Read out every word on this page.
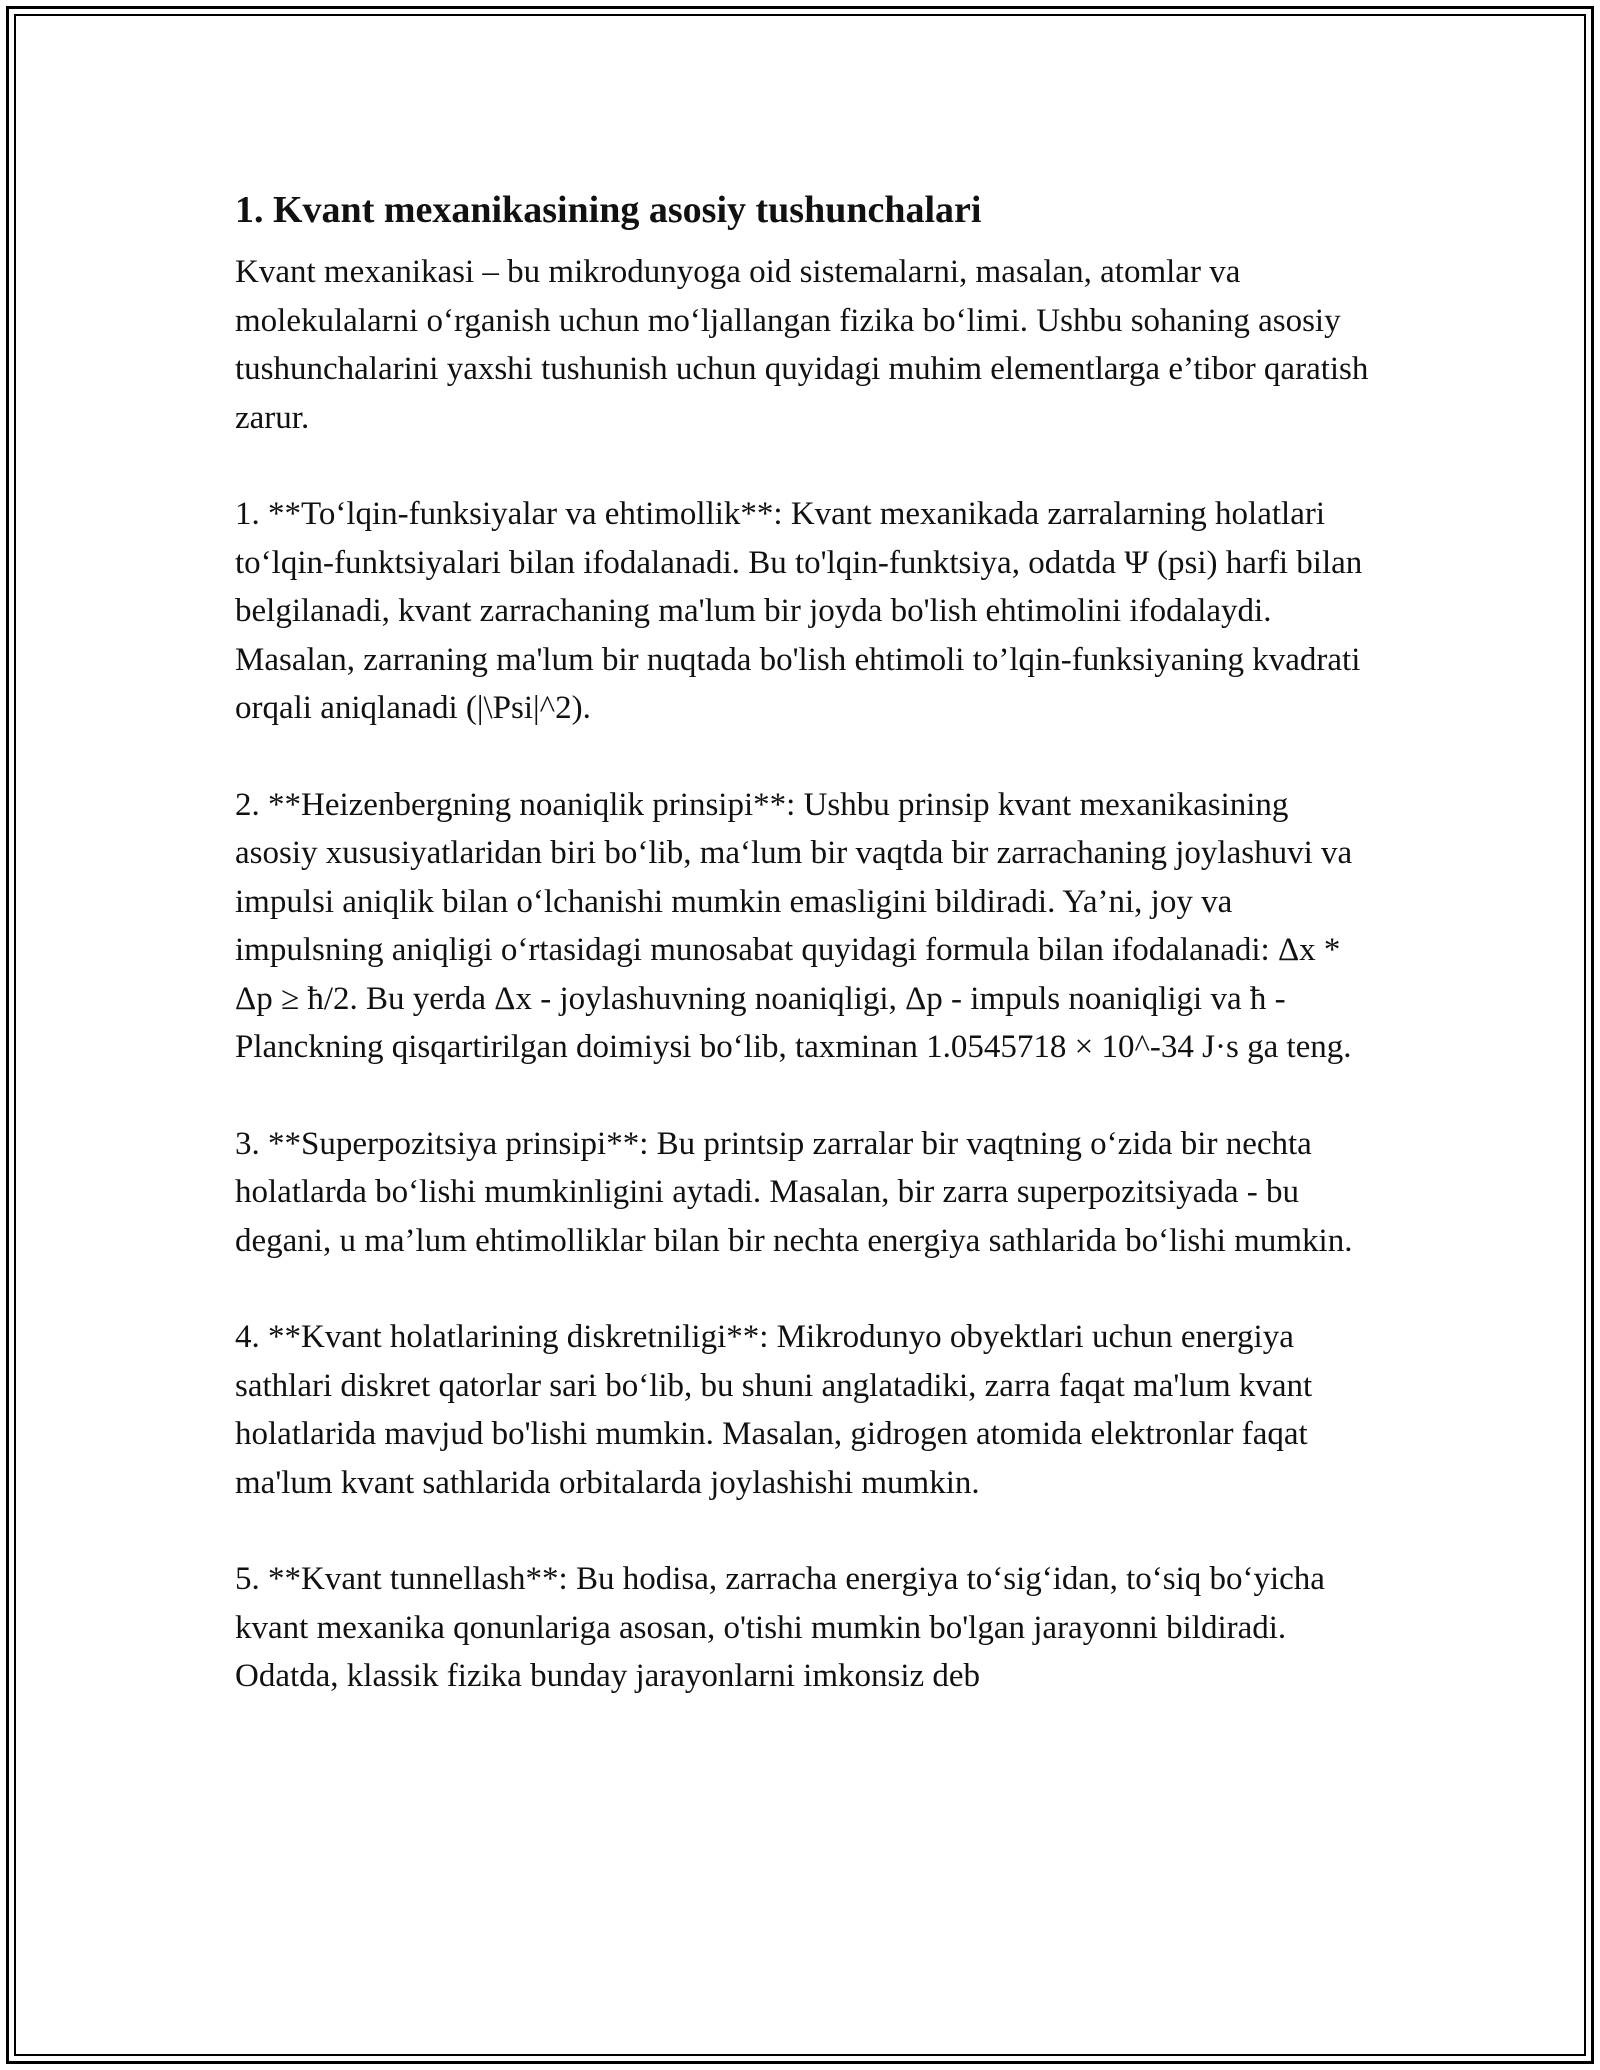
1. Kvant mexanikasining asosiy tushunchalari

Kvant mexanikasi – bu mikrodunyoga oid sistemalarni, masalan, atomlar va molekulalarni o‘rganish uchun mo‘ljallangan fizika bo‘limi. Ushbu sohaning asosiy tushunchalarini yaxshi tushunish uchun quyidagi muhim elementlarga e’tibor qaratish zarur.

1. **To‘lqin-funksiyalar va ehtimollik**: Kvant mexanikada zarralarning holatlari to‘lqin-funktsiyalari bilan ifodalanadi. Bu to'lqin-funktsiya, odatda Ψ (psi) harfi bilan belgilanadi, kvant zarrachaning ma'lum bir joyda bo'lish ehtimolini ifodalaydi. Masalan, zarraning ma'lum bir nuqtada bo'lish ehtimoli to’lqin-funksiyaning kvadrati orqali aniqlanadi (|\Psi|^2).

2. **Heizenbergning noaniqlik prinsipi**: Ushbu prinsip kvant mexanikasining asosiy xususiyatlaridan biri bo‘lib, ma‘lum bir vaqtda bir zarrachaning joylashuvi va impulsi aniqlik bilan o‘lchanishi mumkin emasligini bildiradi. Ya’ni, joy va impulsning aniqligi o‘rtasidagi munosabat quyidagi formula bilan ifodalanadi: Δx * Δp ≥ ħ/2. Bu yerda Δx - joylashuvning noaniqligi, Δp - impuls noaniqligi va ħ - Planckning qisqartirilgan doimiysi bo‘lib, taxminan 1.0545718 × 10^-34 J·s ga teng.

3. **Superpozitsiya prinsipi**: Bu printsip zarralar bir vaqtning o‘zida bir nechta holatlarda bo‘lishi mumkinligini aytadi. Masalan, bir zarra superpozitsiyada - bu degani, u ma’lum ehtimolliklar bilan bir nechta energiya sathlarida bo‘lishi mumkin.

4. **Kvant holatlarining diskretniligi**: Mikrodunyo obyektlari uchun energiya sathlari diskret qatorlar sari bo‘lib, bu shuni anglatadiki, zarra faqat ma'lum kvant holatlarida mavjud bo'lishi mumkin. Masalan, gidrogen atomida elektronlar faqat ma'lum kvant sathlarida orbitalarda joylashishi mumkin.

5. **Kvant tunnellash**: Bu hodisa, zarracha energiya to‘sig‘idan, to‘siq bo‘yicha kvant mexanika qonunlariga asosan, o'tishi mumkin bo'lgan jarayonni bildiradi. Odatda, klassik fizika bunday jarayonlarni imkonsiz deb
